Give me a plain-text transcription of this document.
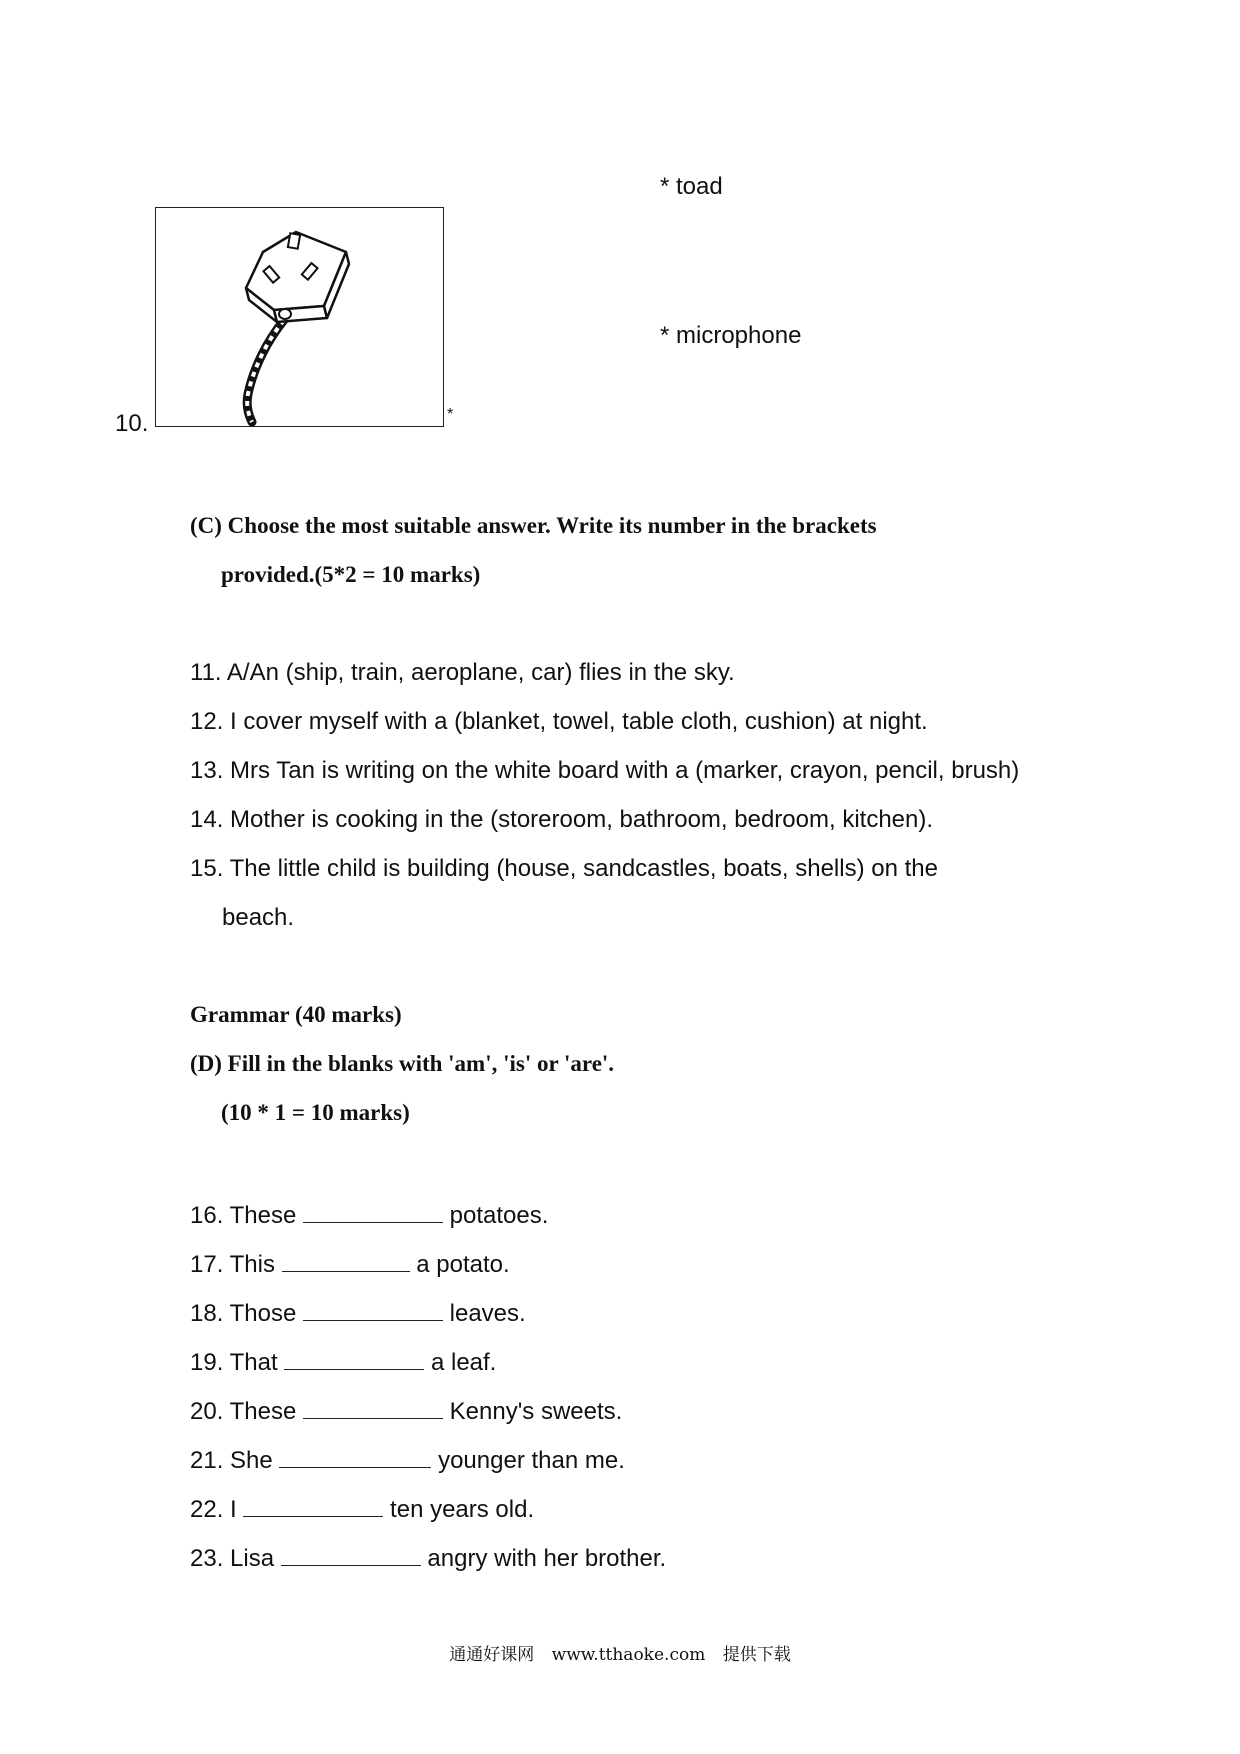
10.	*
* toad
* microphone
(C) Choose the most suitable answer. Write its number in the brackets
provided.(5*2 = 10 marks)
11. A/An (ship, train, aeroplane, car) flies in the sky.
12. I cover myself with a (blanket, towel, table cloth, cushion) at night.
13. Mrs Tan is writing on the white board with a (marker, crayon, pencil, brush)
14. Mother is cooking in the (storeroom, bathroom, bedroom, kitchen).
15. The little child is building (house, sandcastles, boats, shells) on the
beach.
Grammar (40 marks)
(D) Fill in the blanks with 'am', 'is' or 'are'.
(10 * 1 = 10 marks)
16. These	potatoes.
17. This	a potato.
18. Those	leaves.
19. That	a leaf.
20. These	Kenny's sweets.
21. She	younger than me.
22. I	ten years old.
23. Lisa	angry with her brother.
通通好课网 www.tthaoke.com 提供下载
